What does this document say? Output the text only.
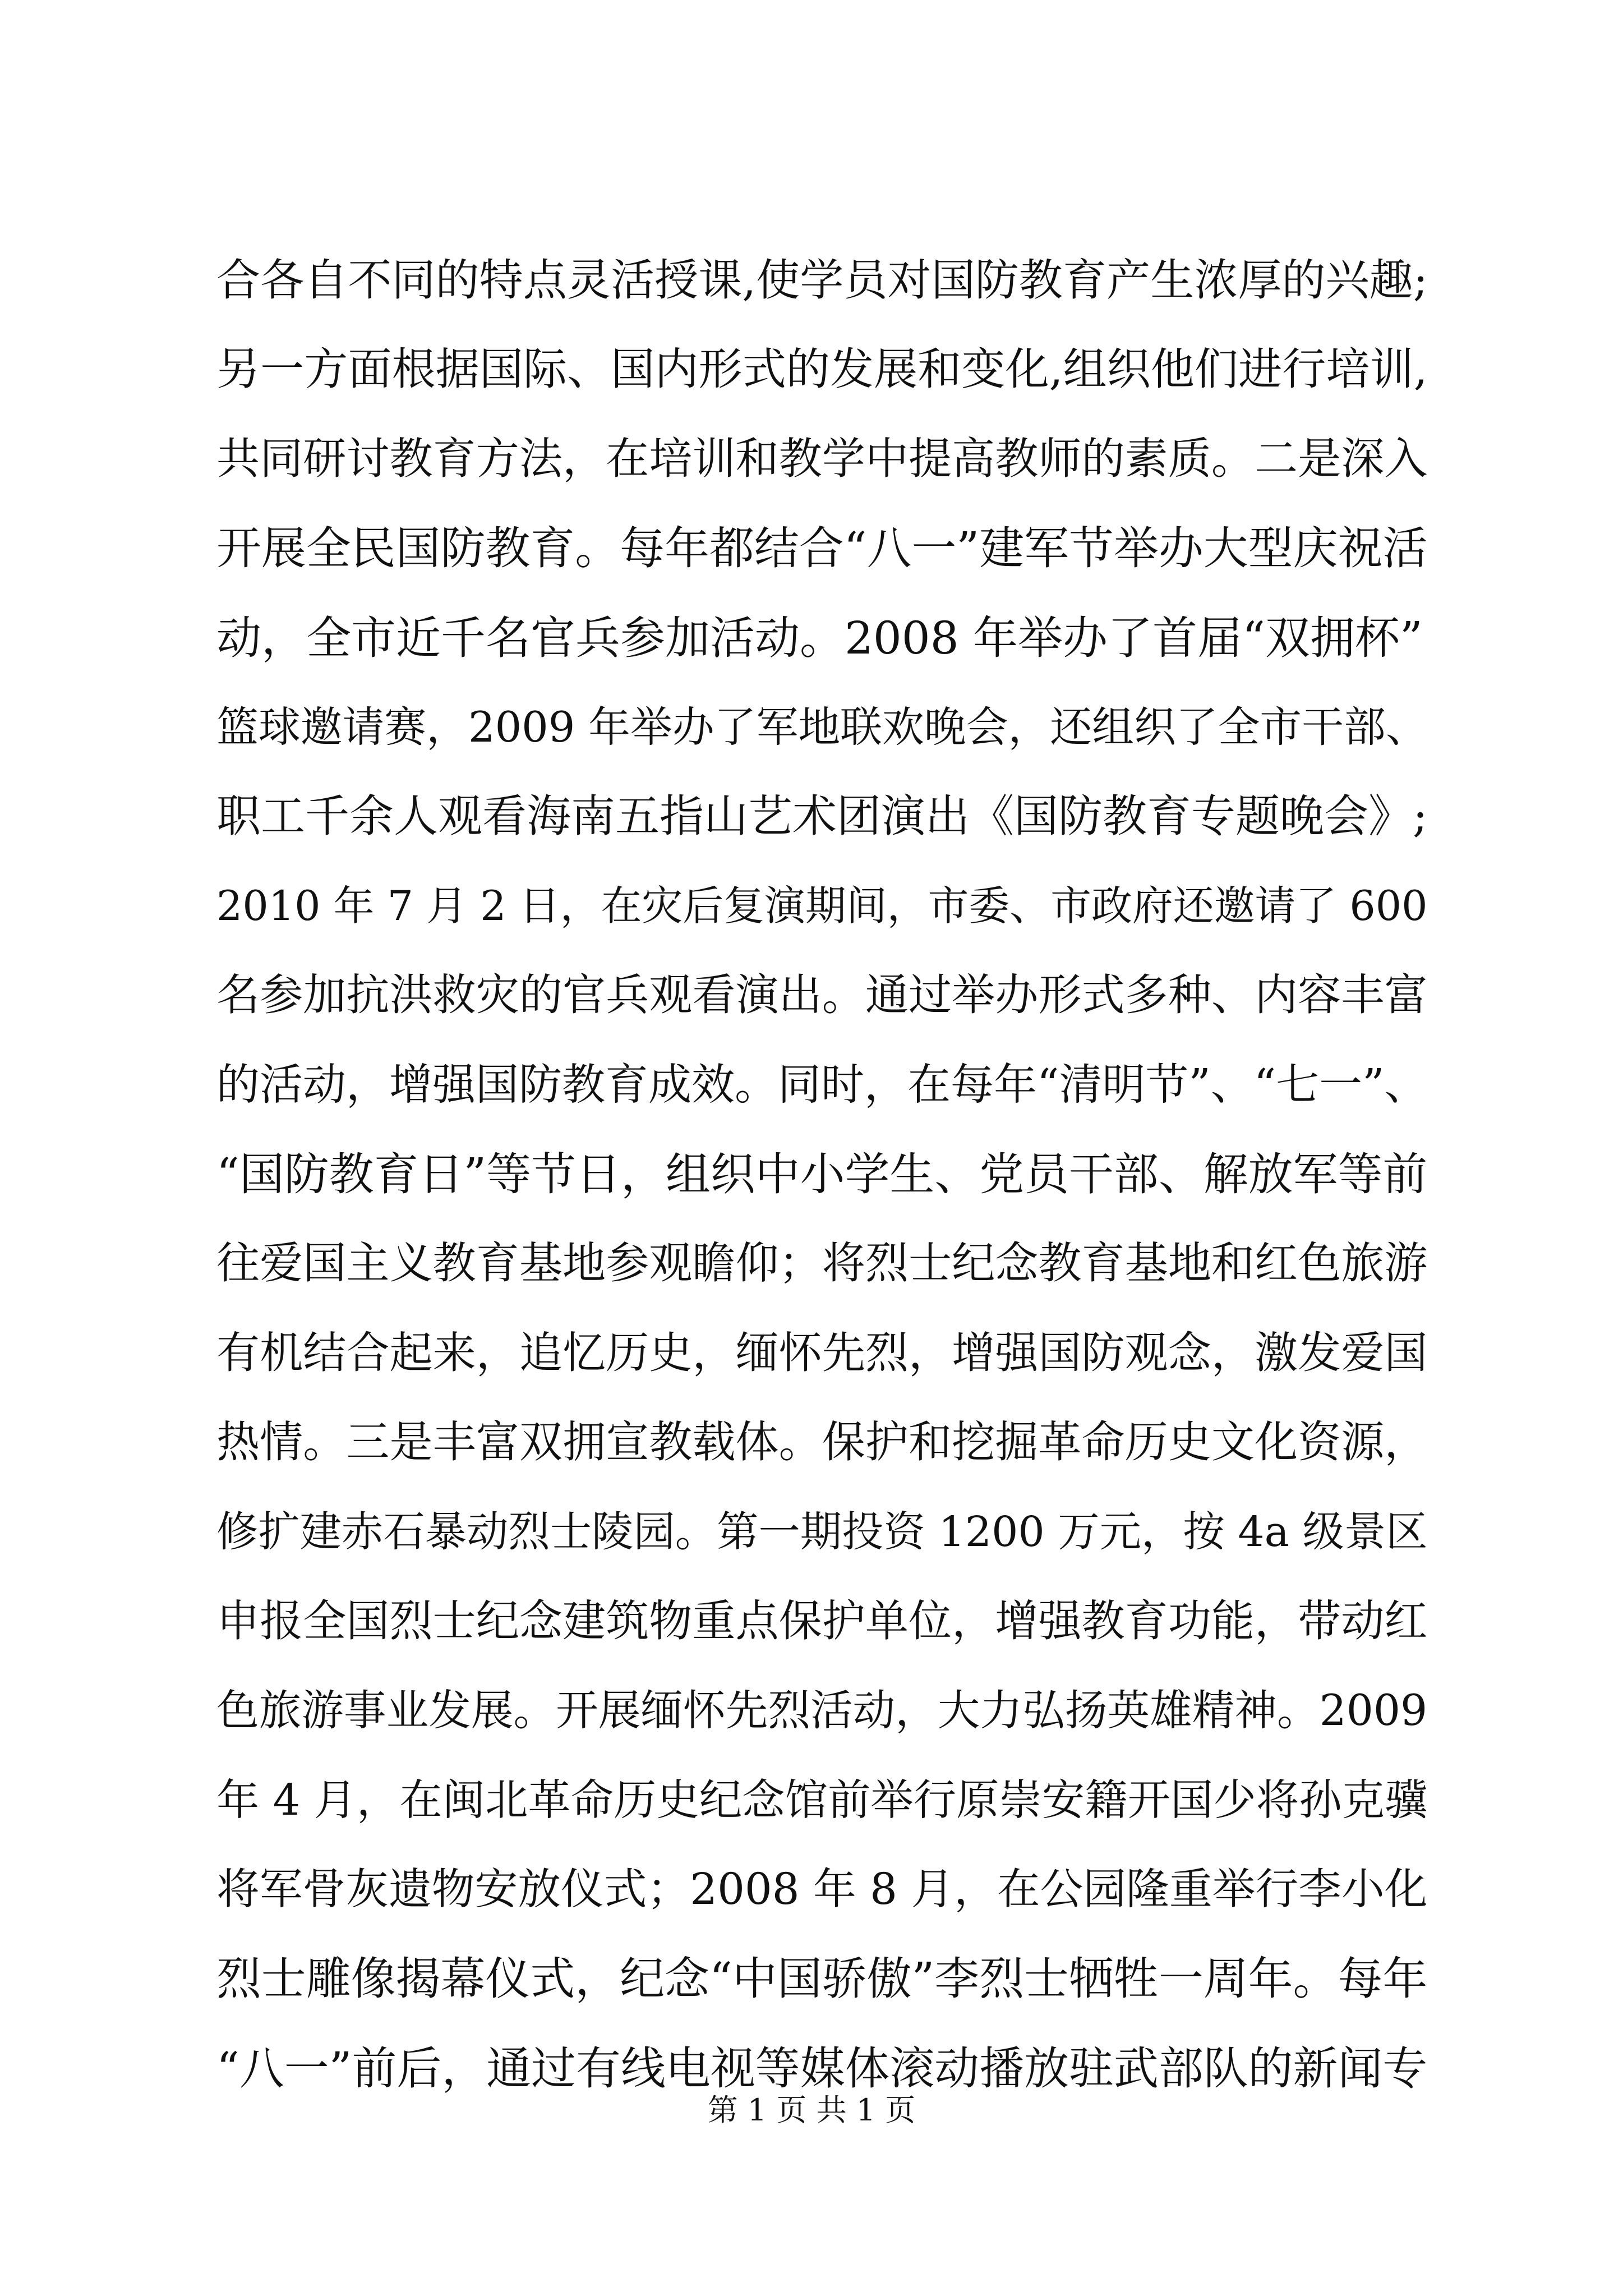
合各自不同的特点灵活授课,使学员对国防教育产生浓厚的兴趣;
另一方面根据国际、国内形式的发展和变化,组织他们进行培训,
共同研讨教育方法，在培训和教学中提高教师的素质。二是深入
开展全民国防教育。每年都结合“八一”建军节举办大型庆祝活
动，全市近千名官兵参加活动。2008 年举办了首届“双拥杯”
篮球邀请赛，2009 年举办了军地联欢晚会，还组织了全市干部、
职工千余人观看海南五指山艺术团演出《国防教育专题晚会》;
2010 年 7 月 2 日，在灾后复演期间，市委、市政府还邀请了 600
名参加抗洪救灾的官兵观看演出。通过举办形式多种、内容丰富
的活动，增强国防教育成效。同时，在每年“清明节”、“七一”、
“国防教育日”等节日，组织中小学生、党员干部、解放军等前
往爱国主义教育基地参观瞻仰；将烈士纪念教育基地和红色旅游
有机结合起来，追忆历史，缅怀先烈，增强国防观念，激发爱国
热情。三是丰富双拥宣教载体。保护和挖掘革命历史文化资源，
修扩建赤石暴动烈士陵园。第一期投资 1200 万元，按 4a 级景区
申报全国烈士纪念建筑物重点保护单位，增强教育功能，带动红
色旅游事业发展。开展缅怀先烈活动，大力弘扬英雄精神。2009
年 4 月，在闽北革命历史纪念馆前举行原崇安籍开国少将孙克骥
将军骨灰遗物安放仪式；2008 年 8 月，在公园隆重举行李小化
烈士雕像揭幕仪式，纪念“中国骄傲”李烈士牺牲一周年。每年
“八一”前后，通过有线电视等媒体滚动播放驻武部队的新闻专
第 1 页 共 1 页
